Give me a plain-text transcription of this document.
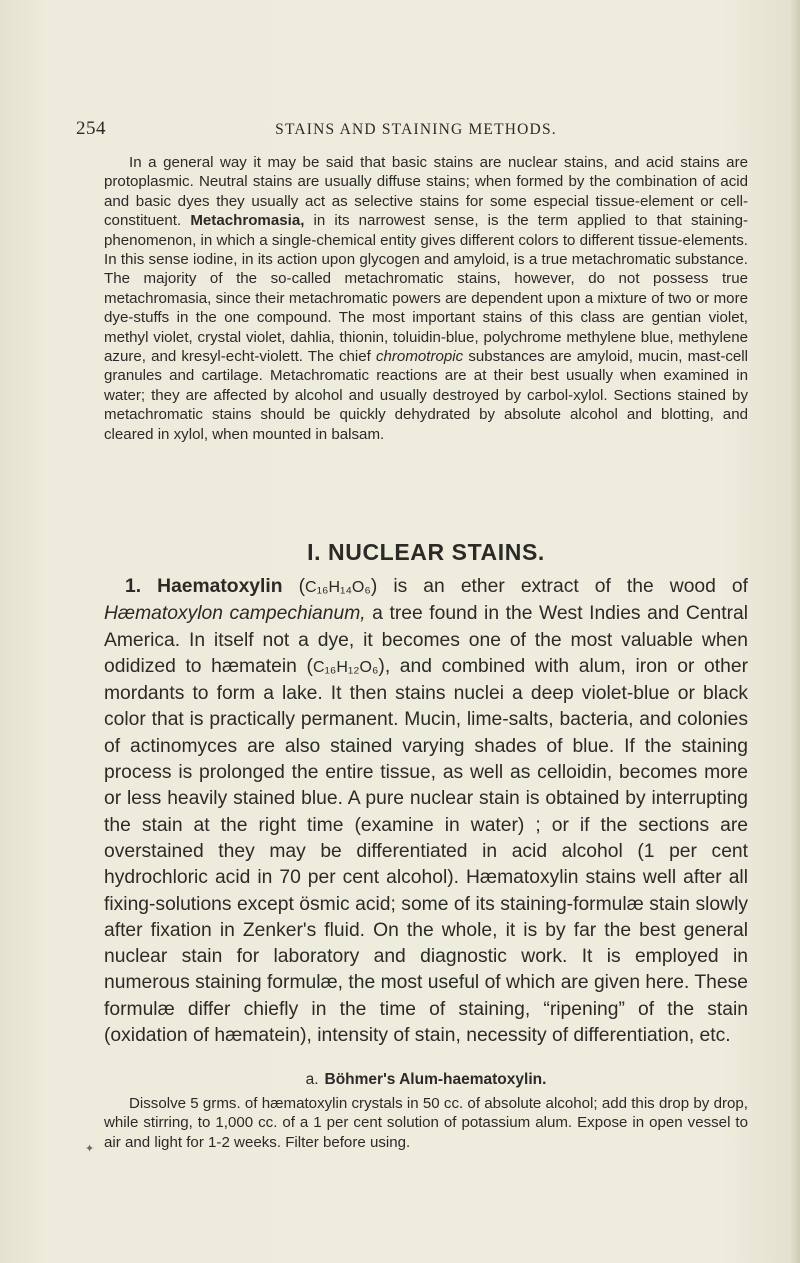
254	STAINS AND STAINING METHODS.

In a general way it may be said that basic stains are nuclear stains, and acid stains are protoplasmic. Neutral stains are usually diffuse stains; when formed by the combination of acid and basic dyes they usually act as selective stains for some especial tissue-element or cell-constituent. Metachromasia, in its narrowest sense, is the term applied to that staining-phenomenon, in which a single-chemical entity gives different colors to different tissue-elements. In this sense iodine, in its action upon glycogen and amyloid, is a true metachromatic substance. The majority of the so-called metachromatic stains, however, do not possess true metachromasia, since their metachromatic powers are dependent upon a mixture of two or more dye-stuffs in the one compound. The most important stains of this class are gentian violet, methyl violet, crystal violet, dahlia, thionin, toluidin-blue, polychrome methylene blue, methylene azure, and kresyl-echt-violett. The chief chromotropic substances are amyloid, mucin, mast-cell granules and cartilage. Metachromatic reactions are at their best usually when examined in water; they are affected by alcohol and usually destroyed by carbol-xylol. Sections stained by metachromatic stains should be quickly dehydrated by absolute alcohol and blotting, and cleared in xylol, when mounted in balsam.

I. NUCLEAR STAINS.

1. Haematoxylin (C₁₆H₁₄O₆) is an ether extract of the wood of Hæmatoxylon campechianum, a tree found in the West Indies and Central America. In itself not a dye, it becomes one of the most valuable when odidized to hæmatein (C₁₆H₁₂O₆), and combined with alum, iron or other mordants to form a lake. It then stains nuclei a deep violet-blue or black color that is practically permanent. Mucin, lime-salts, bacteria, and colonies of actinomyces are also stained varying shades of blue. If the staining process is prolonged the entire tissue, as well as celloidin, becomes more or less heavily stained blue. A pure nuclear stain is obtained by interrupting the stain at the right time (examine in water) ; or if the sections are overstained they may be differentiated in acid alcohol (1 per cent hydrochloric acid in 70 per cent alcohol). Hæmatoxylin stains well after all fixing-solutions except ösmic acid; some of its staining-formulæ stain slowly after fixation in Zenker's fluid. On the whole, it is by far the best general nuclear stain for laboratory and diagnostic work. It is employed in numerous staining formulæ, the most useful of which are given here. These formulæ differ chiefly in the time of staining, “ripening” of the stain (oxidation of hæmatein), intensity of stain, necessity of differentiation, etc.

a. Böhmer's Alum-haematoxylin.

Dissolve 5 grms. of hæmatoxylin crystals in 50 cc. of absolute alcohol; add this drop by drop, while stirring, to 1,000 cc. of a 1 per cent solution of potassium alum. Expose in open vessel to air and light for 1-2 weeks. Filter before using.

✦
